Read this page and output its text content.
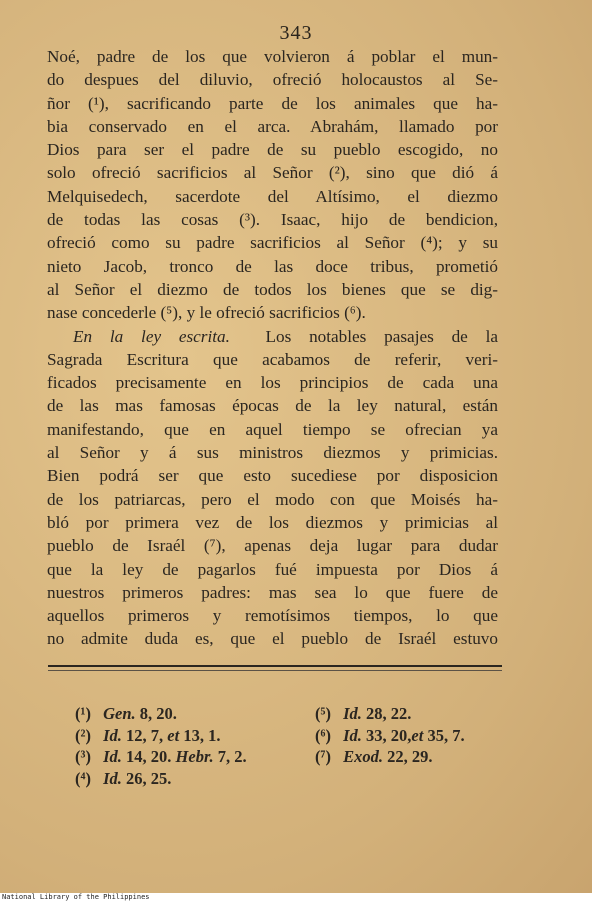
343
Noé, padre de los que volvieron á poblar el mun-
do despues del diluvio, ofreció holocaustos al Se-
ñor (¹), sacrificando parte de los animales que ha-
bia conservado en el arca. Abrahám, llamado por
Dios para ser el padre de su pueblo escogido, no
solo ofreció sacrificios al Señor (²), sino que dió á
Melquisedech, sacerdote del Altísimo, el diezmo
de todas las cosas (³). Isaac, hijo de bendicion,
ofreció como su padre sacrificios al Señor (⁴); y su
nieto Jacob, tronco de las doce tribus, prometió
al Señor el diezmo de todos los bienes que se dig-
nase concederle (⁵), y le ofreció sacrificios (⁶).
En la ley escrita. Los notables pasajes de la
Sagrada Escritura que acabamos de referir, veri-
ficados precisamente en los principios de cada una
de las mas famosas épocas de la ley natural, están
manifestando, que en aquel tiempo se ofrecian ya
al Señor y á sus ministros diezmos y primicias.
Bien podrá ser que esto sucediese por disposicion
de los patriarcas, pero el modo con que Moisés ha-
bló por primera vez de los diezmos y primicias al
pueblo de Israél (⁷), apenas deja lugar para dudar
que la ley de pagarlos fué impuesta por Dios á
nuestros primeros padres: mas sea lo que fuere de
aquellos primeros y remotísimos tiempos, lo que
no admite duda es, que el pueblo de Israél estuvo
(¹) Gen. 8, 20.	(⁵) Id. 28, 22.
(²) Id. 12, 7, et 13, 1.	(⁶) Id. 33, 20,et 35, 7.
(³) Id. 14, 20. Hebr. 7, 2.	(⁷) Exod. 22, 29.
(⁴) Id. 26, 25.
National Library of the Philippines
